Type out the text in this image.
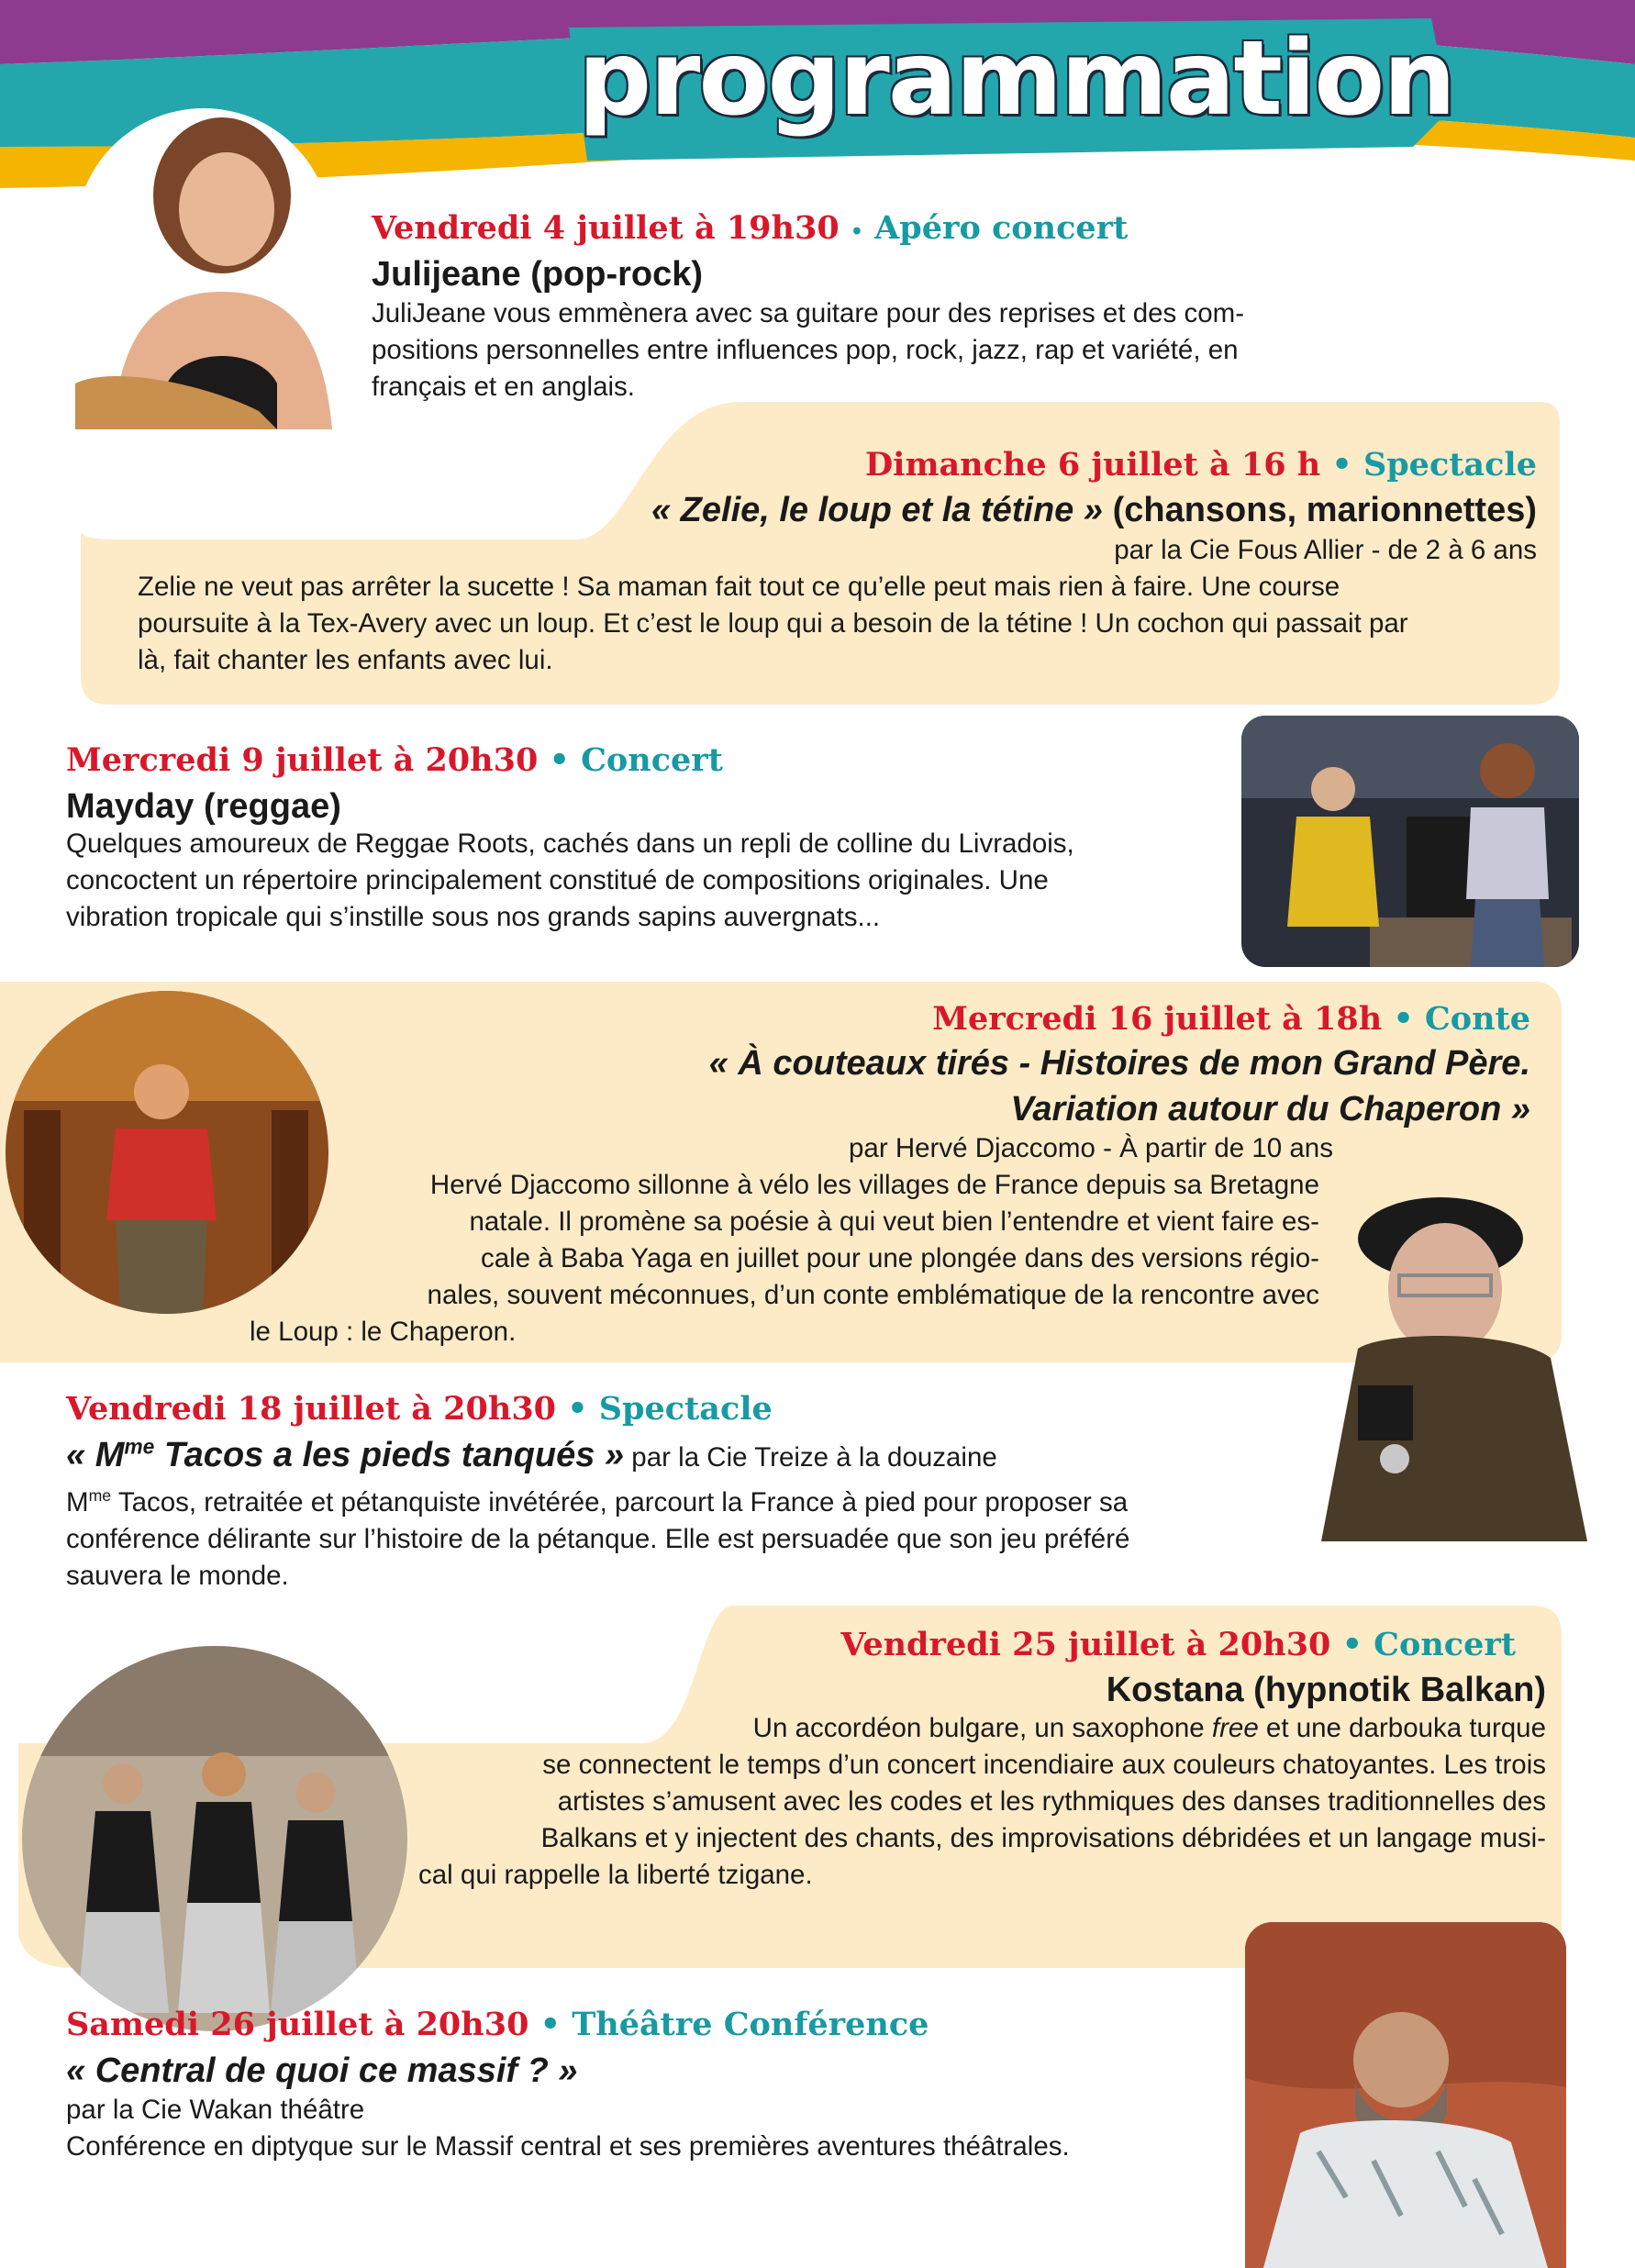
programmation
Vendredi 4 juillet à 19h30 • Apéro concert
Julijeane (pop-rock)
JuliJeane vous emmènera avec sa guitare pour des reprises et des com-
positions personnelles entre influences pop, rock, jazz, rap et variété, en
français et en anglais.
Dimanche 6 juillet à 16 h • Spectacle
« Zelie, le loup et la tétine » (chansons, marionnettes)
par la Cie Fous Allier - de 2 à 6 ans
Zelie ne veut pas arrêter la sucette ! Sa maman fait tout ce qu’elle peut mais rien à faire. Une course
poursuite à la Tex-Avery avec un loup. Et c’est le loup qui a besoin de la tétine ! Un cochon qui passait par
là, fait chanter les enfants avec lui.
Mercredi 9 juillet à 20h30 • Concert
Mayday (reggae)
Quelques amoureux de Reggae Roots, cachés dans un repli de colline du Livradois,
concoctent un répertoire principalement constitué de compositions originales. Une
vibration tropicale qui s’instille sous nos grands sapins auvergnats...
Mercredi 16 juillet à 18h • Conte
« À couteaux tirés - Histoires de mon Grand Père.
Variation autour du Chaperon »
par Hervé Djaccomo - À partir de 10 ans
Hervé Djaccomo sillonne à vélo les villages de France depuis sa Bretagne
natale. Il promène sa poésie à qui veut bien l’entendre et vient faire es-
cale à Baba Yaga en juillet pour une plongée dans des versions régio-
nales, souvent méconnues, d’un conte emblématique de la rencontre avec
le Loup : le Chaperon.
Vendredi 18 juillet à 20h30 • Spectacle
« $M^{me}$ Tacos a les pieds tanqués » par la Cie Treize à la douzaine
$M^{me}$ Tacos, retraitée et pétanquiste invétérée, parcourt la France à pied pour proposer sa
conférence délirante sur l’histoire de la pétanque. Elle est persuadée que son jeu préféré
sauvera le monde.
Vendredi 25 juillet à 20h30 • Concert
Kostana (hypnotik Balkan)
Un accordéon bulgare, un saxophone free et une darbouka turque
se connectent le temps d’un concert incendiaire aux couleurs chatoyantes. Les trois
artistes s’amusent avec les codes et les rythmiques des danses traditionnelles des
Balkans et y injectent des chants, des improvisations débridées et un langage musi-
cal qui rappelle la liberté tzigane.
Samedi 26 juillet à 20h30 • Théâtre Conférence
« Central de quoi ce massif ? »
par la Cie Wakan théâtre
Conférence en diptyque sur le Massif central et ses premières aventures théâtrales.
